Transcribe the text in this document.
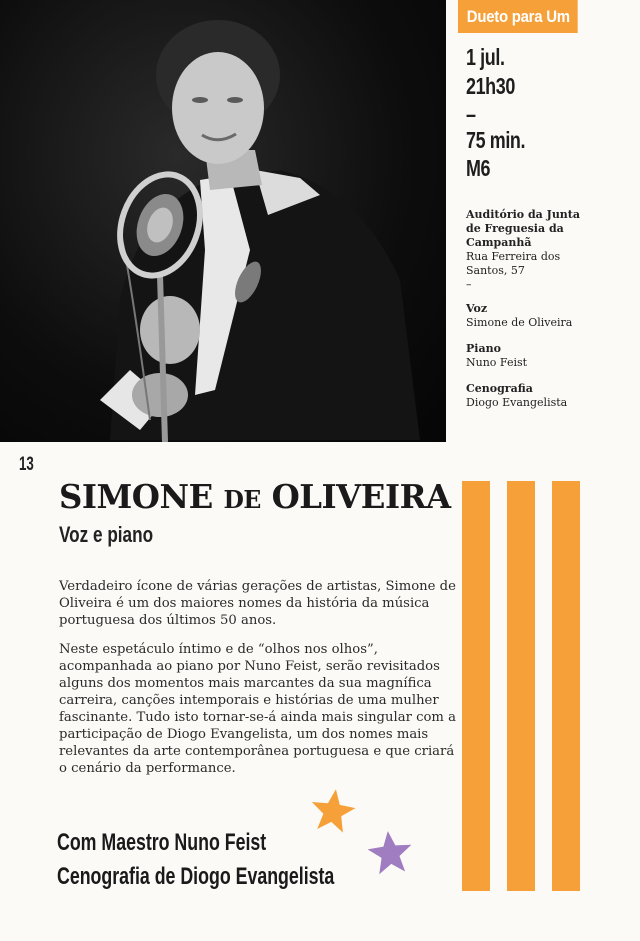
Dueto para Um
1 jul.
21h30
–
75 min.
M6
Auditório da Junta
de Freguesia da
Campanhã
Rua Ferreira dos
Santos, 57
–
Voz
Simone de Oliveira
Piano
Nuno Feist
Cenografia
Diogo Evangelista
13
SIMONE DE OLIVEIRA
Voz e piano

Verdadeiro ícone de várias gerações de artistas, Simone de Oliveira é um dos maiores nomes da história da música portuguesa dos últimos 50 anos.

Neste espetáculo íntimo e de “olhos nos olhos”, acompanhada ao piano por Nuno Feist, serão revisitados alguns dos momentos mais marcantes da sua magnífica carreira, canções intemporais e histórias de uma mulher fascinante. Tudo isto tornar-se-á ainda mais singular com a participação de Diogo Evangelista, um dos nomes mais relevantes da arte contemporânea portuguesa e que criará o cenário da performance.

Com Maestro Nuno Feist
Cenografia de Diogo Evangelista
